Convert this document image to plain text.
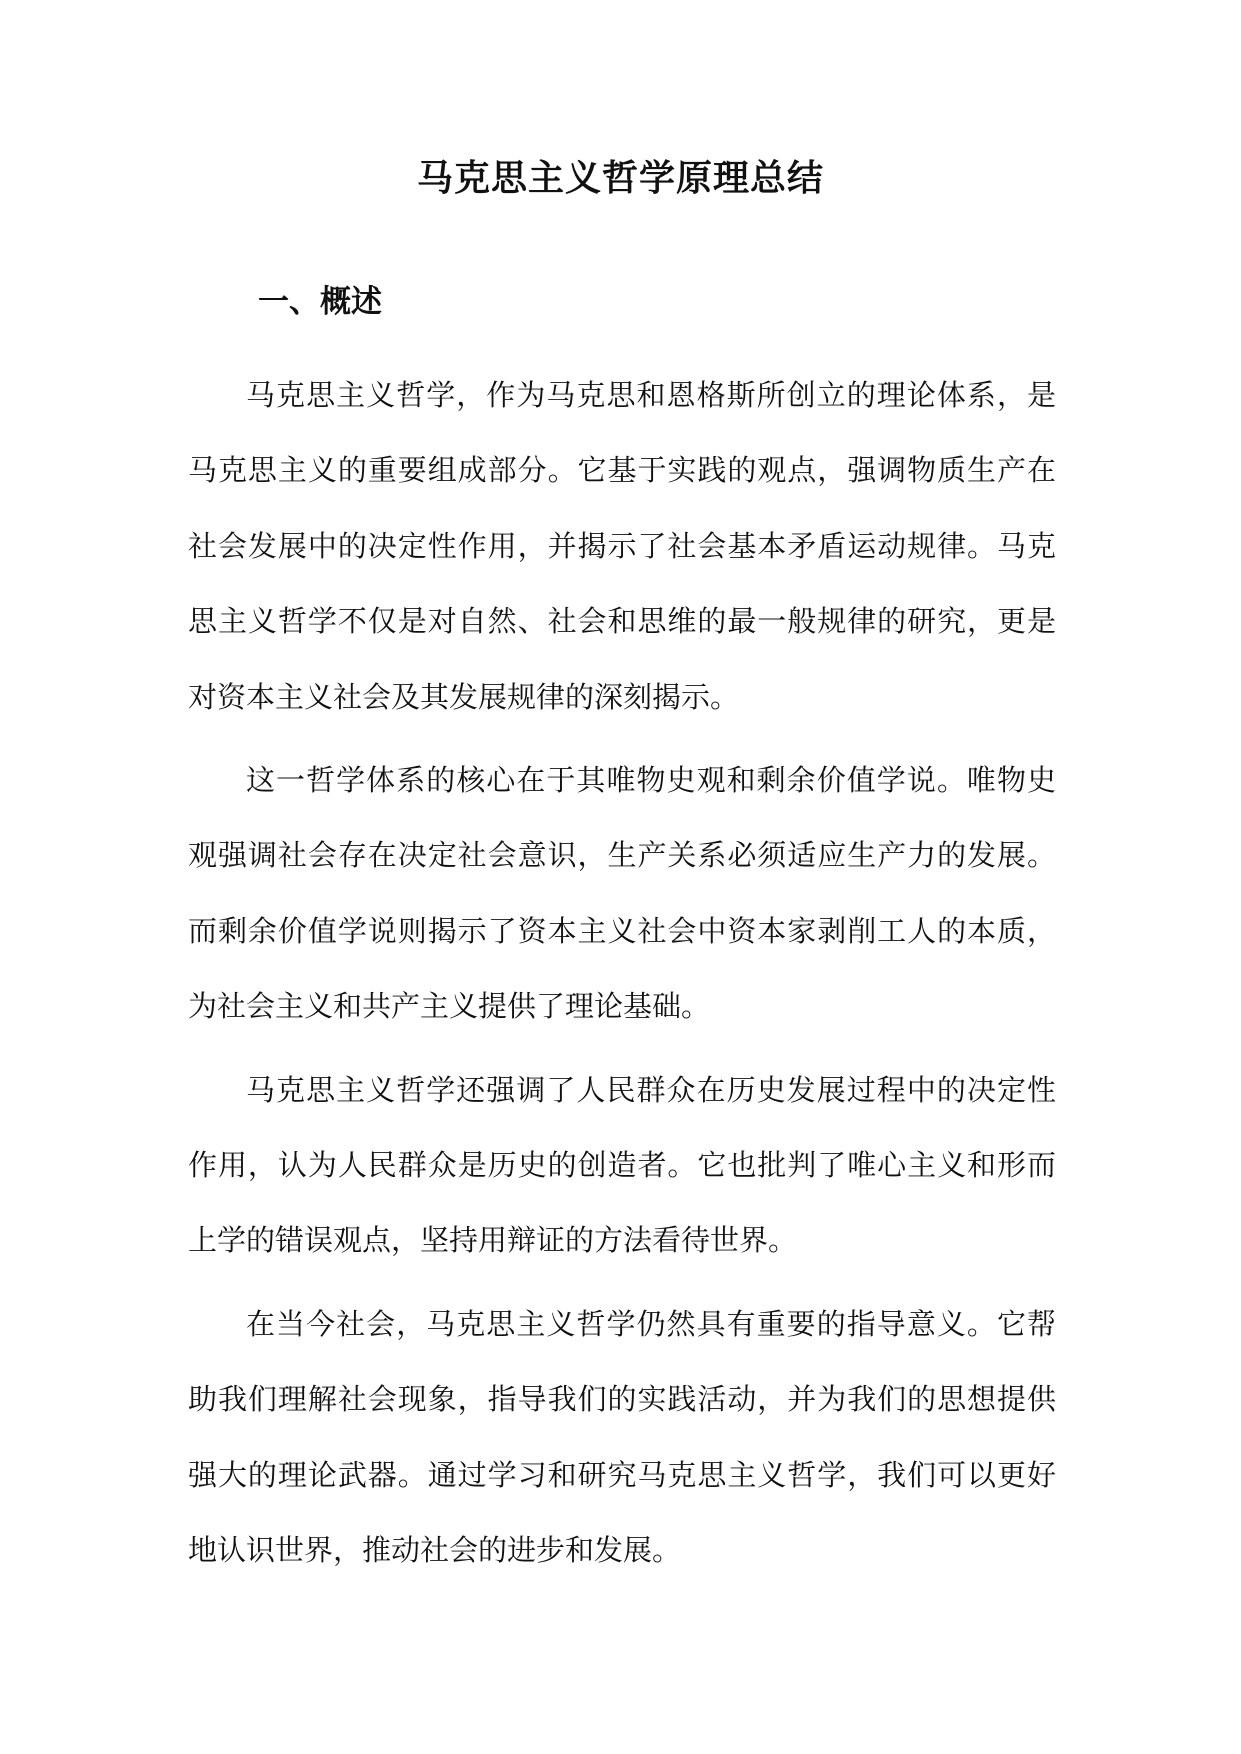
马克思主义哲学原理总结
一、概述

马克思主义哲学，作为马克思和恩格斯所创立的理论体系，是马克思主义的重要组成部分。它基于实践的观点，强调物质生产在社会发展中的决定性作用，并揭示了社会基本矛盾运动规律。马克思主义哲学不仅是对自然、社会和思维的最一般规律的研究，更是对资本主义社会及其发展规律的深刻揭示。

这一哲学体系的核心在于其唯物史观和剩余价值学说。唯物史观强调社会存在决定社会意识，生产关系必须适应生产力的发展。而剩余价值学说则揭示了资本主义社会中资本家剥削工人的本质，为社会主义和共产主义提供了理论基础。

马克思主义哲学还强调了人民群众在历史发展过程中的决定性作用，认为人民群众是历史的创造者。它也批判了唯心主义和形而上学的错误观点，坚持用辩证的方法看待世界。

在当今社会，马克思主义哲学仍然具有重要的指导意义。它帮助我们理解社会现象，指导我们的实践活动，并为我们的思想提供强大的理论武器。通过学习和研究马克思主义哲学，我们可以更好地认识世界，推动社会的进步和发展。
